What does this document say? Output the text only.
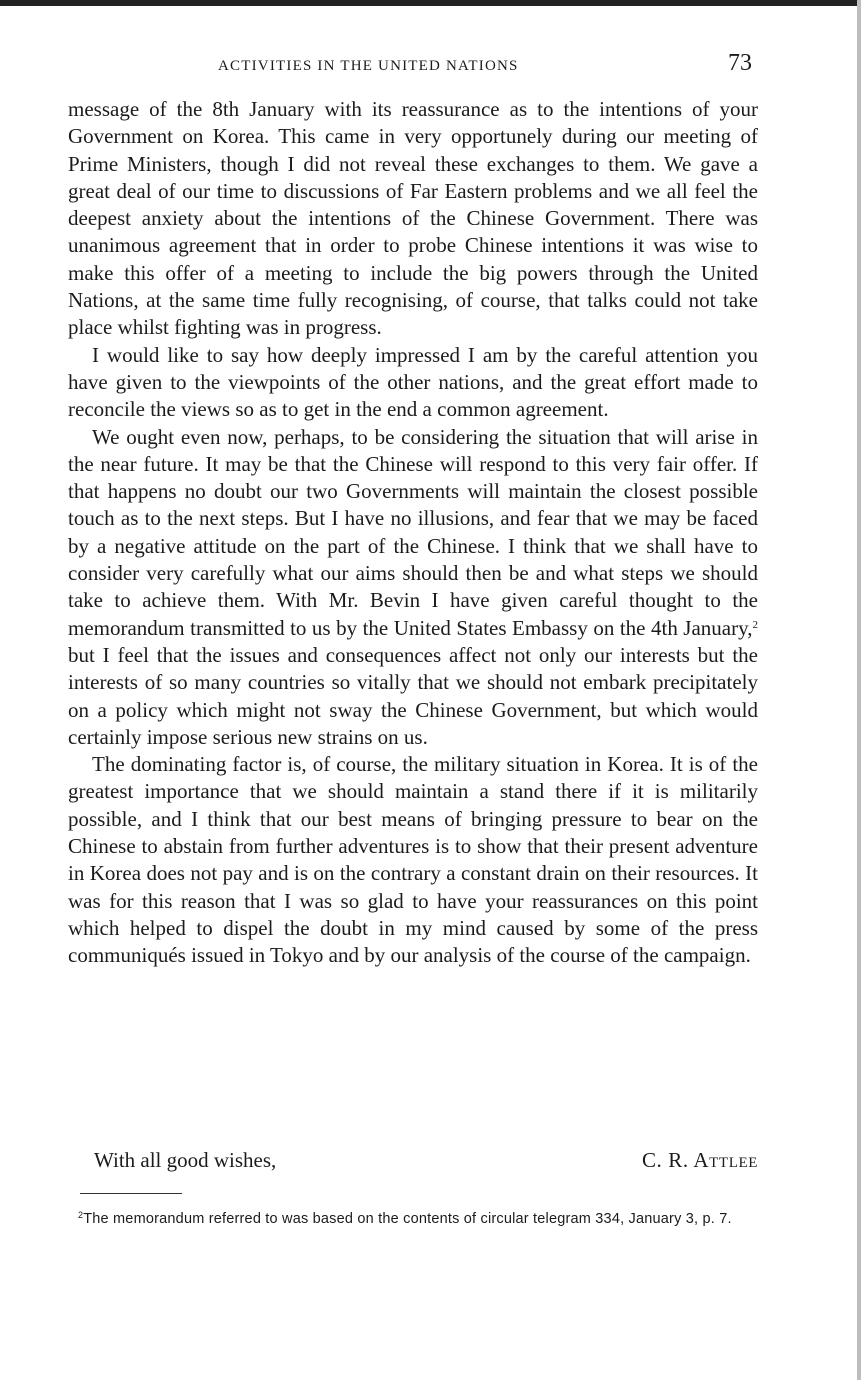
ACTIVITIES IN THE UNITED NATIONS	73

message of the 8th January with its reassurance as to the intentions of your Government on Korea. This came in very opportunely during our meeting of Prime Ministers, though I did not reveal these exchanges to them. We gave a great deal of our time to discussions of Far Eastern problems and we all feel the deepest anxiety about the intentions of the Chinese Government. There was unanimous agreement that in order to probe Chinese intentions it was wise to make this offer of a meeting to include the big powers through the United Nations, at the same time fully recognising, of course, that talks could not take place whilst fighting was in progress.

I would like to say how deeply impressed I am by the careful attention you have given to the viewpoints of the other nations, and the great effort made to reconcile the views so as to get in the end a common agreement.

We ought even now, perhaps, to be considering the situation that will arise in the near future. It may be that the Chinese will respond to this very fair offer. If that happens no doubt our two Governments will maintain the closest possible touch as to the next steps. But I have no illusions, and fear that we may be faced by a negative attitude on the part of the Chinese. I think that we shall have to consider very carefully what our aims should then be and what steps we should take to achieve them. With Mr. Bevin I have given careful thought to the memorandum transmitted to us by the United States Embassy on the 4th January,$^2$ but I feel that the issues and consequences affect not only our interests but the interests of so many countries so vitally that we should not embark precipitately on a policy which might not sway the Chinese Government, but which would certainly impose serious new strains on us.

The dominating factor is, of course, the military situation in Korea. It is of the greatest importance that we should maintain a stand there if it is militarily possible, and I think that our best means of bringing pressure to bear on the Chinese to abstain from further adventures is to show that their present adventure in Korea does not pay and is on the contrary a constant drain on their resources. It was for this reason that I was so glad to have your reassurances on this point which helped to dispel the doubt in my mind caused by some of the press communiqués issued in Tokyo and by our analysis of the course of the campaign.

With all good wishes,	C. R. Attlee
$^2$The memorandum referred to was based on the contents of circular telegram 334, January 3, p. 7.
